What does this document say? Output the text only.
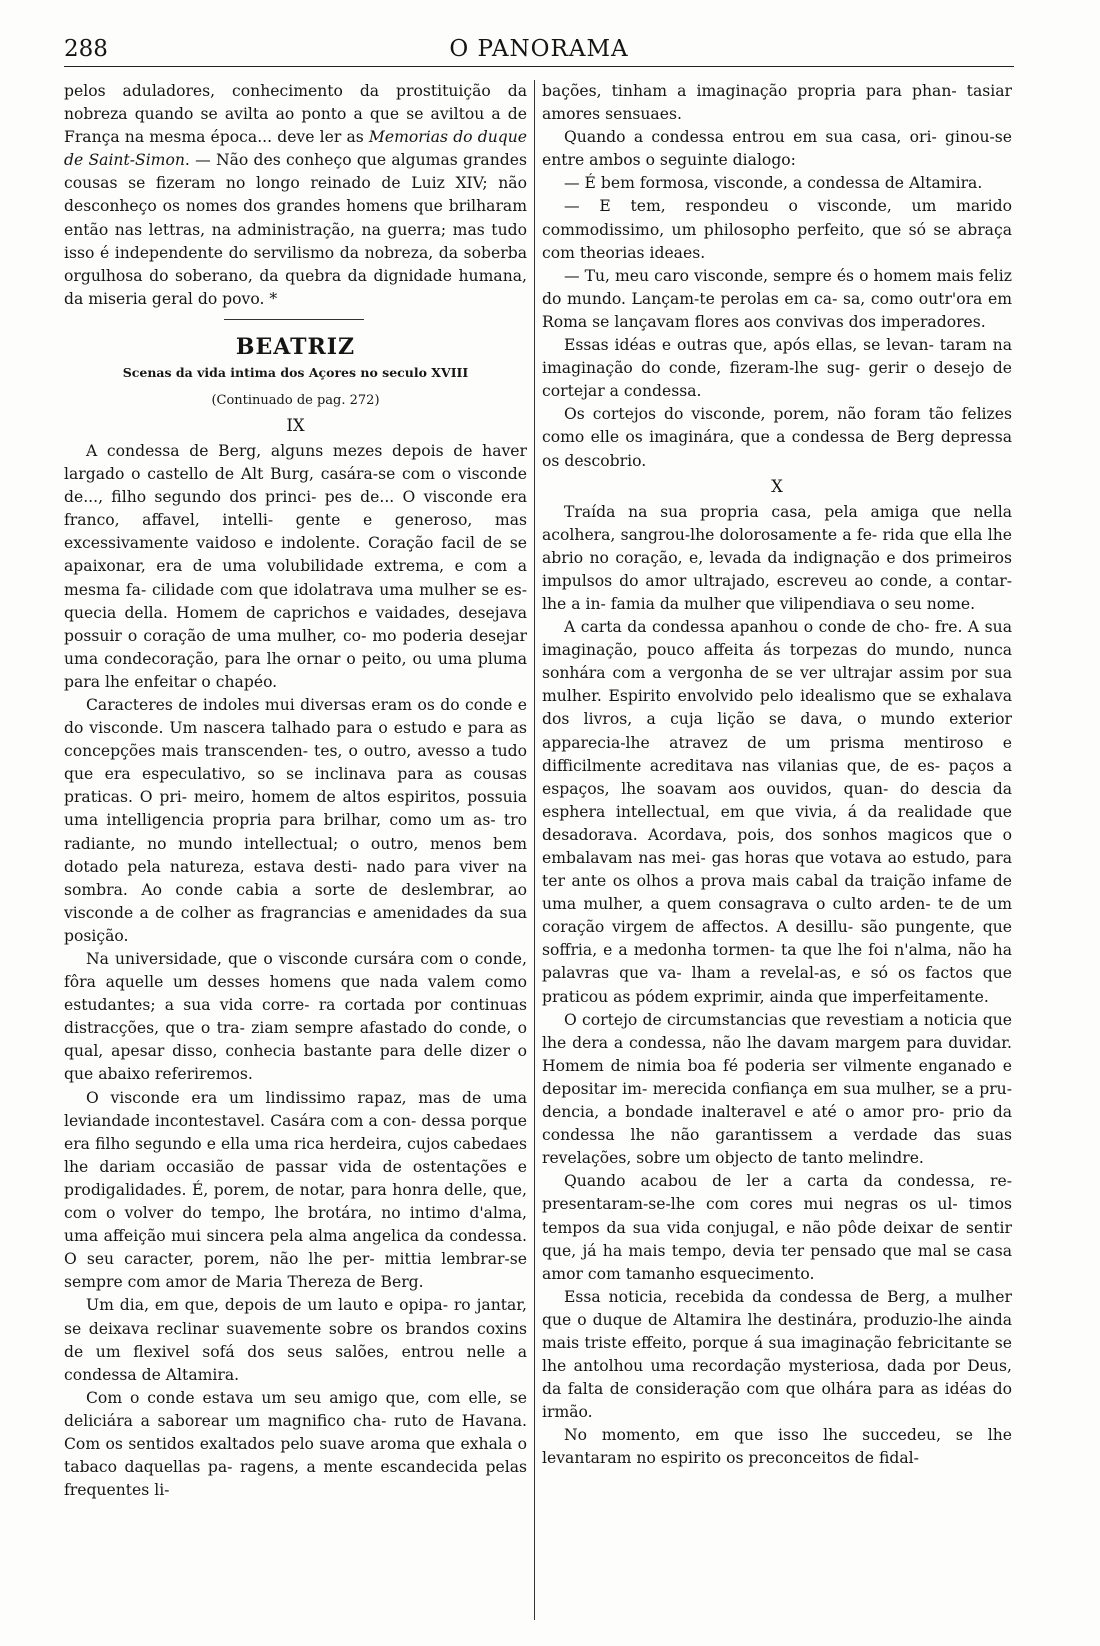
288	O PANORAMA

pelos aduladores, conhecimento da prostituição da nobreza quando se avilta ao ponto a que se aviltou a de França na mesma época... deve ler as Memorias do duque de Saint-Simon. — Não des conheço que algumas grandes cousas se fizeram no longo reinado de Luiz XIV; não desconheço os nomes dos grandes homens que brilharam então nas lettras, na administração, na guerra; mas tudo isso é independente do servilismo da nobreza, da soberba orgulhosa do soberano, da quebra da dignidade humana, da miseria geral do povo. *

BEATRIZ
Scenas da vida intima dos Açores no seculo XVIII
(Continuado de pag. 272)
IX

A condessa de Berg, alguns mezes depois de haver largado o castello de Alt Burg, casára-se com o visconde de..., filho segundo dos princi- pes de... O visconde era franco, affavel, intelli- gente e generoso, mas excessivamente vaidoso e indolente. Coração facil de se apaixonar, era de uma volubilidade extrema, e com a mesma fa- cilidade com que idolatrava uma mulher se es- quecia della. Homem de caprichos e vaidades, desejava possuir o coração de uma mulher, co- mo poderia desejar uma condecoração, para lhe ornar o peito, ou uma pluma para lhe enfeitar o chapéo.

Caracteres de indoles mui diversas eram os do conde e do visconde. Um nascera talhado para o estudo e para as concepções mais transcenden- tes, o outro, avesso a tudo que era especulativo, so se inclinava para as cousas praticas. O pri- meiro, homem de altos espiritos, possuia uma intelligencia propria para brilhar, como um as- tro radiante, no mundo intellectual; o outro, menos bem dotado pela natureza, estava desti- nado para viver na sombra. Ao conde cabia a sorte de deslembrar, ao visconde a de colher as fragrancias e amenidades da sua posição.

Na universidade, que o visconde cursára com o conde, fôra aquelle um desses homens que nada valem como estudantes; a sua vida corre- ra cortada por continuas distracções, que o tra- ziam sempre afastado do conde, o qual, apesar disso, conhecia bastante para delle dizer o que abaixo referiremos.

O visconde era um lindissimo rapaz, mas de uma leviandade incontestavel. Casára com a con- dessa porque era filho segundo e ella uma rica herdeira, cujos cabedaes lhe dariam occasião de passar vida de ostentações e prodigalidades. É, porem, de notar, para honra delle, que, com o volver do tempo, lhe brotára, no intimo d'alma, uma affeição mui sincera pela alma angelica da condessa. O seu caracter, porem, não lhe per- mittia lembrar-se sempre com amor de Maria Thereza de Berg.

Um dia, em que, depois de um lauto e opipa- ro jantar, se deixava reclinar suavemente sobre os brandos coxins de um flexivel sofá dos seus salões, entrou nelle a condessa de Altamira.

Com o conde estava um seu amigo que, com elle, se deliciára a saborear um magnifico cha- ruto de Havana. Com os sentidos exaltados pelo suave aroma que exhala o tabaco daquellas pa- ragens, a mente escandecida pelas frequentes li-

bações, tinham a imaginação propria para phan- tasiar amores sensuaes.

Quando a condessa entrou em sua casa, ori- ginou-se entre ambos o seguinte dialogo:

— É bem formosa, visconde, a condessa de Altamira.

— E tem, respondeu o visconde, um marido commodissimo, um philosopho perfeito, que só se abraça com theorias ideaes.

— Tu, meu caro visconde, sempre és o homem mais feliz do mundo. Lançam-te perolas em ca- sa, como outr'ora em Roma se lançavam flores aos convivas dos imperadores.

Essas idéas e outras que, após ellas, se levan- taram na imaginação do conde, fizeram-lhe sug- gerir o desejo de cortejar a condessa.

Os cortejos do visconde, porem, não foram tão felizes como elle os imaginára, que a condessa de Berg depressa os descobrio.

X

Traída na sua propria casa, pela amiga que nella acolhera, sangrou-lhe dolorosamente a fe- rida que ella lhe abrio no coração, e, levada da indignação e dos primeiros impulsos do amor ultrajado, escreveu ao conde, a contar-lhe a in- famia da mulher que vilipendiava o seu nome.

A carta da condessa apanhou o conde de cho- fre. A sua imaginação, pouco affeita ás torpezas do mundo, nunca sonhára com a vergonha de se ver ultrajar assim por sua mulher. Espirito envolvido pelo idealismo que se exhalava dos livros, a cuja lição se dava, o mundo exterior apparecia-lhe atravez de um prisma mentiroso e difficilmente acreditava nas vilanias que, de es- paços a espaços, lhe soavam aos ouvidos, quan- do descia da esphera intellectual, em que vivia, á da realidade que desadorava. Acordava, pois, dos sonhos magicos que o embalavam nas mei- gas horas que votava ao estudo, para ter ante os olhos a prova mais cabal da traição infame de uma mulher, a quem consagrava o culto arden- te de um coração virgem de affectos. A desillu- são pungente, que soffria, e a medonha tormen- ta que lhe foi n'alma, não ha palavras que va- lham a revelal-as, e só os factos que praticou as pódem exprimir, ainda que imperfeitamente.

O cortejo de circumstancias que revestiam a noticia que lhe dera a condessa, não lhe davam margem para duvidar. Homem de nimia boa fé poderia ser vilmente enganado e depositar im- merecida confiança em sua mulher, se a pru- dencia, a bondade inalteravel e até o amor pro- prio da condessa lhe não garantissem a verdade das suas revelações, sobre um objecto de tanto melindre.

Quando acabou de ler a carta da condessa, re- presentaram-se-lhe com cores mui negras os ul- timos tempos da sua vida conjugal, e não pôde deixar de sentir que, já ha mais tempo, devia ter pensado que mal se casa amor com tamanho esquecimento.

Essa noticia, recebida da condessa de Berg, a mulher que o duque de Altamira lhe destinára, produzio-lhe ainda mais triste effeito, porque á sua imaginação febricitante se lhe antolhou uma recordação mysteriosa, dada por Deus, da falta de consideração com que olhára para as idéas do irmão.

No momento, em que isso lhe succedeu, se lhe levantaram no espirito os preconceitos de fidal-
